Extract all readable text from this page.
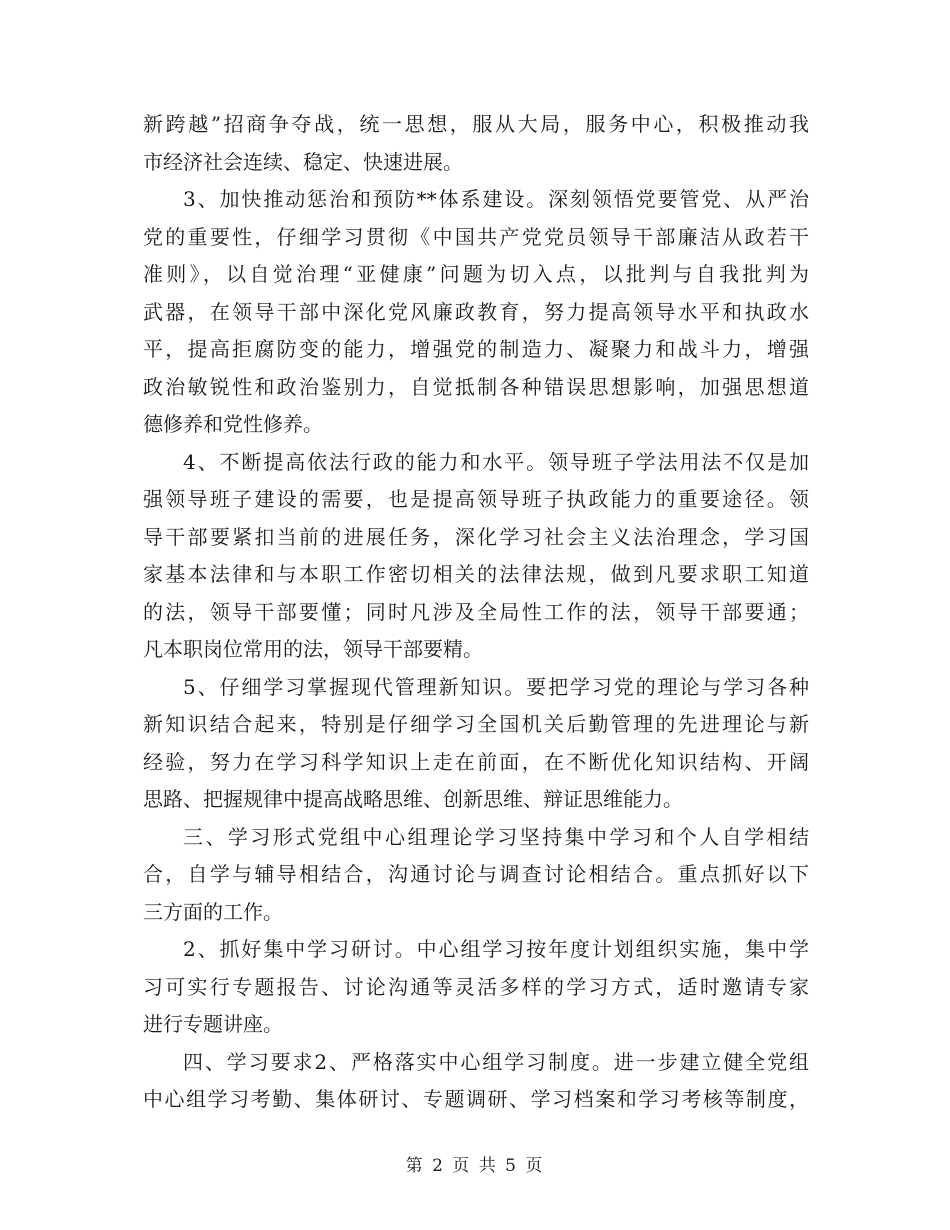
新跨越”招商争夺战，统一思想，服从大局，服务中心，积极推动我
市经济社会连续、稳定、快速进展。
3、加快推动惩治和预防**体系建设。深刻领悟党要管党、从严治
党的重要性，仔细学习贯彻《中国共产党党员领导干部廉洁从政若干
准则》，以自觉治理“亚健康”问题为切入点，以批判与自我批判为
武器，在领导干部中深化党风廉政教育，努力提高领导水平和执政水
平，提高拒腐防变的能力，增强党的制造力、凝聚力和战斗力，增强
政治敏锐性和政治鉴别力，自觉抵制各种错误思想影响，加强思想道
德修养和党性修养。
4、不断提高依法行政的能力和水平。领导班子学法用法不仅是加
强领导班子建设的需要，也是提高领导班子执政能力的重要途径。领
导干部要紧扣当前的进展任务，深化学习社会主义法治理念，学习国
家基本法律和与本职工作密切相关的法律法规，做到凡要求职工知道
的法，领导干部要懂；同时凡涉及全局性工作的法，领导干部要通；
凡本职岗位常用的法，领导干部要精。
5、仔细学习掌握现代管理新知识。要把学习党的理论与学习各种
新知识结合起来，特别是仔细学习全国机关后勤管理的先进理论与新
经验，努力在学习科学知识上走在前面，在不断优化知识结构、开阔
思路、把握规律中提高战略思维、创新思维、辩证思维能力。
三、学习形式党组中心组理论学习坚持集中学习和个人自学相结
合，自学与辅导相结合，沟通讨论与调查讨论相结合。重点抓好以下
三方面的工作。
2、抓好集中学习研讨。中心组学习按年度计划组织实施，集中学
习可实行专题报告、讨论沟通等灵活多样的学习方式，适时邀请专家
进行专题讲座。
四、学习要求2、严格落实中心组学习制度。进一步建立健全党组
中心组学习考勤、集体研讨、专题调研、学习档案和学习考核等制度，
第 2 页 共 5 页
